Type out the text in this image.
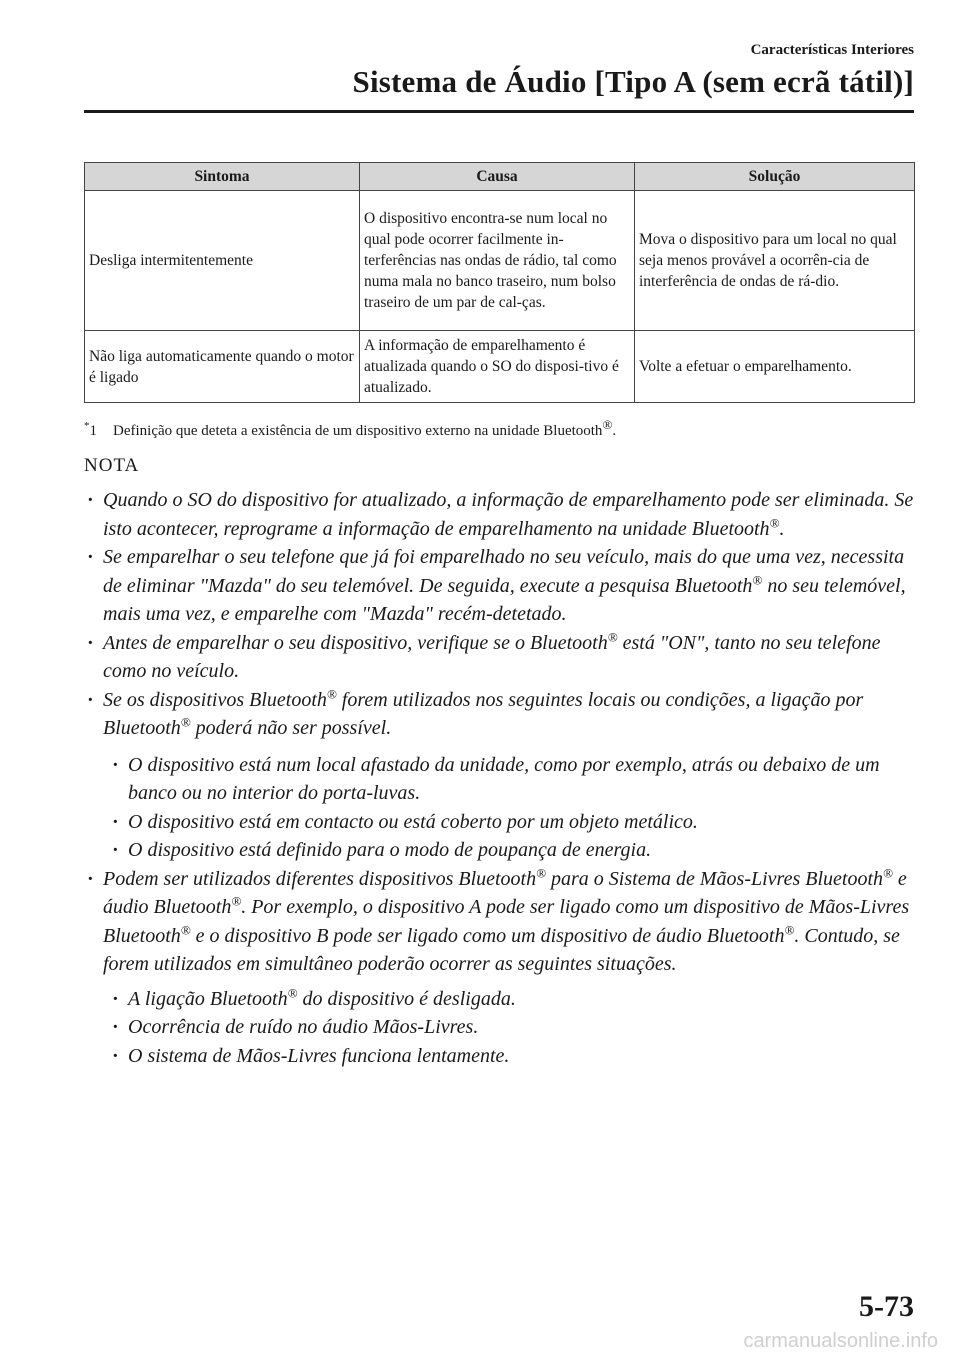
Características Interiores
Sistema de Áudio [Tipo A (sem ecrã tátil)]
Sintoma	Causa	Solução
Desliga intermitentemente	O dispositivo encontra-se num local no qual pode ocorrer facilmente in-terferências nas ondas de rádio, tal como numa mala no banco traseiro, num bolso traseiro de um par de cal-ças.	Mova o dispositivo para um local no qual seja menos provável a ocorrên-cia de interferência de ondas de rá-dio.
Não liga automaticamente quando o motor é ligado	A informação de emparelhamento é atualizada quando o SO do disposi-tivo é atualizado.	Volte a efetuar o emparelhamento.
*1 Definição que deteta a existência de um dispositivo externo na unidade Bluetooth®.
NOTA

· Quando o SO do dispositivo for atualizado, a informação de emparelhamento pode ser eliminada. Se isto acontecer, reprograme a informação de emparelhamento na unidade Bluetooth®.

· Se emparelhar o seu telefone que já foi emparelhado no seu veículo, mais do que uma vez, necessita de eliminar "Mazda" do seu telemóvel. De seguida, execute a pesquisa Bluetooth® no seu telemóvel, mais uma vez, e emparelhe com "Mazda" recém-detetado.

· Antes de emparelhar o seu dispositivo, verifique se o Bluetooth® está "ON", tanto no seu telefone como no veículo.

· Se os dispositivos Bluetooth® forem utilizados nos seguintes locais ou condições, a ligação por Bluetooth® poderá não ser possível.

· O dispositivo está num local afastado da unidade, como por exemplo, atrás ou debaixo de um banco ou no interior do porta-luvas.

· O dispositivo está em contacto ou está coberto por um objeto metálico.

· O dispositivo está definido para o modo de poupança de energia.

· Podem ser utilizados diferentes dispositivos Bluetooth® para o Sistema de Mãos-Livres Bluetooth® e áudio Bluetooth®. Por exemplo, o dispositivo A pode ser ligado como um dispositivo de Mãos-Livres Bluetooth® e o dispositivo B pode ser ligado como um dispositivo de áudio Bluetooth®. Contudo, se forem utilizados em simultâneo poderão ocorrer as seguintes situações.

· A ligação Bluetooth® do dispositivo é desligada.

· Ocorrência de ruído no áudio Mãos-Livres.

· O sistema de Mãos-Livres funciona lentamente.

5-73
carmanualsonline.info
